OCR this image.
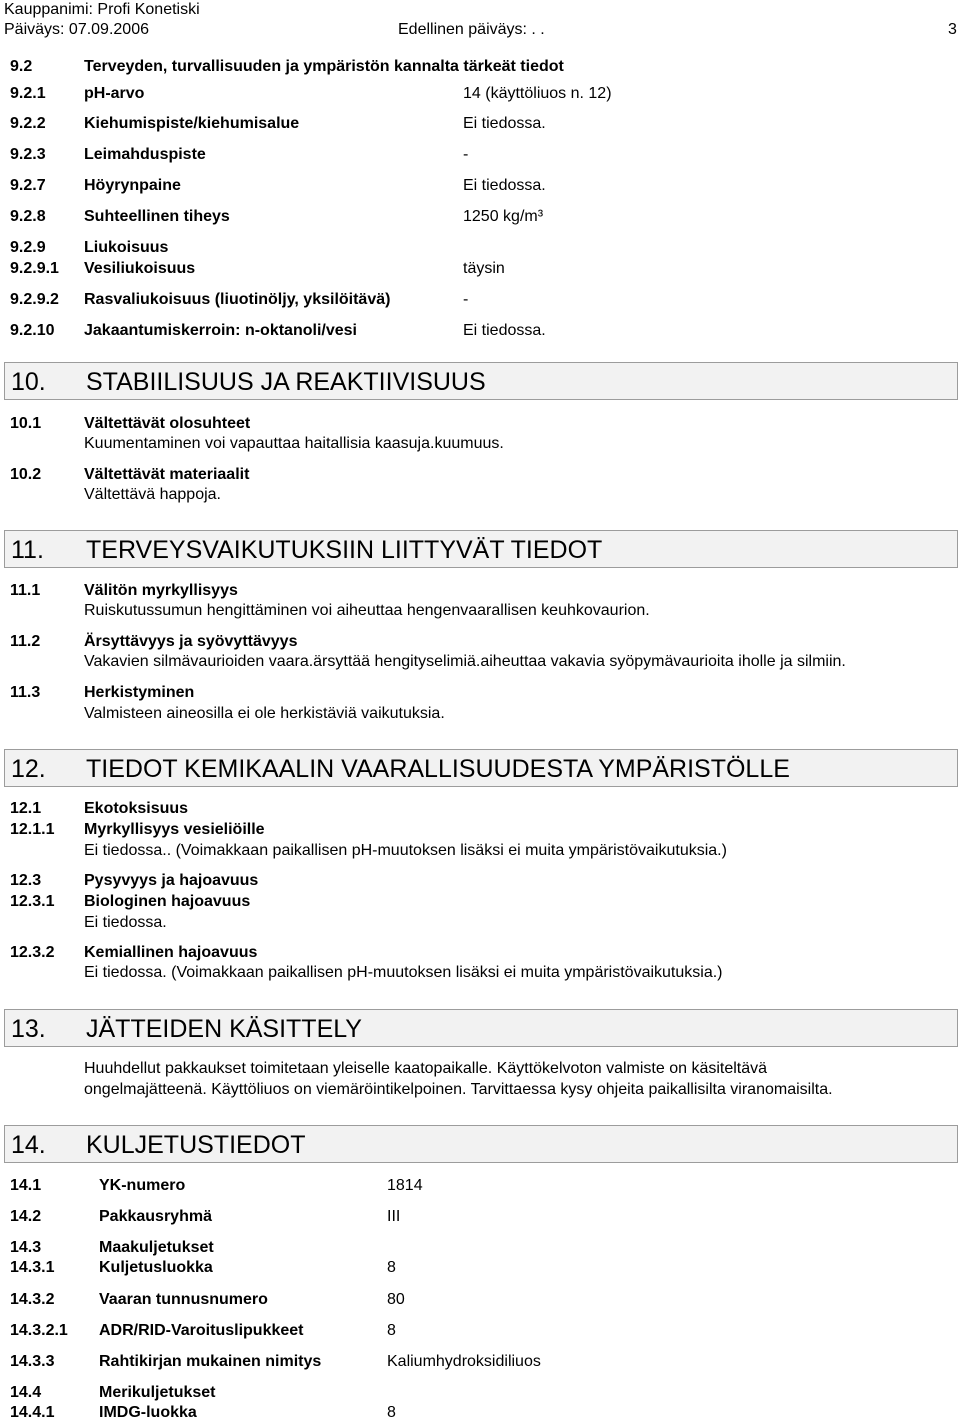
Kauppanimi: Profi Konetiski
Päiväys: 07.09.2006	Edellinen päiväys: . .	3
9.2	Terveyden, turvallisuuden ja ympäristön kannalta tärkeät tiedot
9.2.1 pH-arvo	14 (käyttöliuos n. 12)
9.2.2 Kiehumispiste/kiehumisalue	Ei tiedossa.
9.2.3 Leimahduspiste	-
9.2.7 Höyrynpaine	Ei tiedossa.
9.2.8 Suhteellinen tiheys	1250 kg/m³
9.2.9 Liukoisuus
9.2.9.1 Vesiliukoisuus	täysin
9.2.9.2 Rasvaliukoisuus (liuotinöljy, yksilöitävä)	-
9.2.10 Jakaantumiskerroin: n-oktanoli/vesi	Ei tiedossa.
10. STABIILISUUS JA REAKTIIVISUUS
10.1	Vältettävät olosuhteet
Kuumentaminen voi vapauttaa haitallisia kaasuja.kuumuus.
10.2	Vältettävät materiaalit
Vältettävä happoja.
11. TERVEYSVAIKUTUKSIIN LIITTYVÄT TIEDOT
11.1	Välitön myrkyllisyys
Ruiskutussumun hengittäminen voi aiheuttaa hengenvaarallisen keuhkovaurion.
11.2	Ärsyttävyys ja syövyttävyys
Vakavien silmävaurioiden vaara.ärsyttää hengityselimiä.aiheuttaa vakavia syöpymävaurioita iholle ja silmiin.
11.3	Herkistyminen
Valmisteen aineosilla ei ole herkistäviä vaikutuksia.
12. TIEDOT KEMIKAALIN VAARALLISUUDESTA YMPÄRISTÖLLE
12.1	Ekotoksisuus
12.1.1 Myrkyllisyys vesieliöille
Ei tiedossa.. (Voimakkaan paikallisen pH-muutoksen lisäksi ei muita ympäristövaikutuksia.)
12.3	Pysyvyys ja hajoavuus
12.3.1 Biologinen hajoavuus
Ei tiedossa.
12.3.2 Kemiallinen hajoavuus
Ei tiedossa. (Voimakkaan paikallisen pH-muutoksen lisäksi ei muita ympäristövaikutuksia.)
13. JÄTTEIDEN KÄSITTELY
Huuhdellut pakkaukset toimitetaan yleiselle kaatopaikalle. Käyttökelvoton valmiste on käsiteltävä
ongelmajätteenä. Käyttöliuos on viemäröintikelpoinen. Tarvittaessa kysy ohjeita paikallisilta viranomaisilta.
14. KULJETUSTIEDOT
14.1	YK-numero	1814
14.2	Pakkausryhmä	III
14.3	Maakuljetukset
14.3.1	Kuljetusluokka	8
14.3.2	Vaaran tunnusnumero	80
14.3.2.1 ADR/RID-Varoituslipukkeet	8
14.3.3	Rahtikirjan mukainen nimitys	Kaliumhydroksidiliuos
14.4	Merikuljetukset
14.4.1	IMDG-luokka	8
